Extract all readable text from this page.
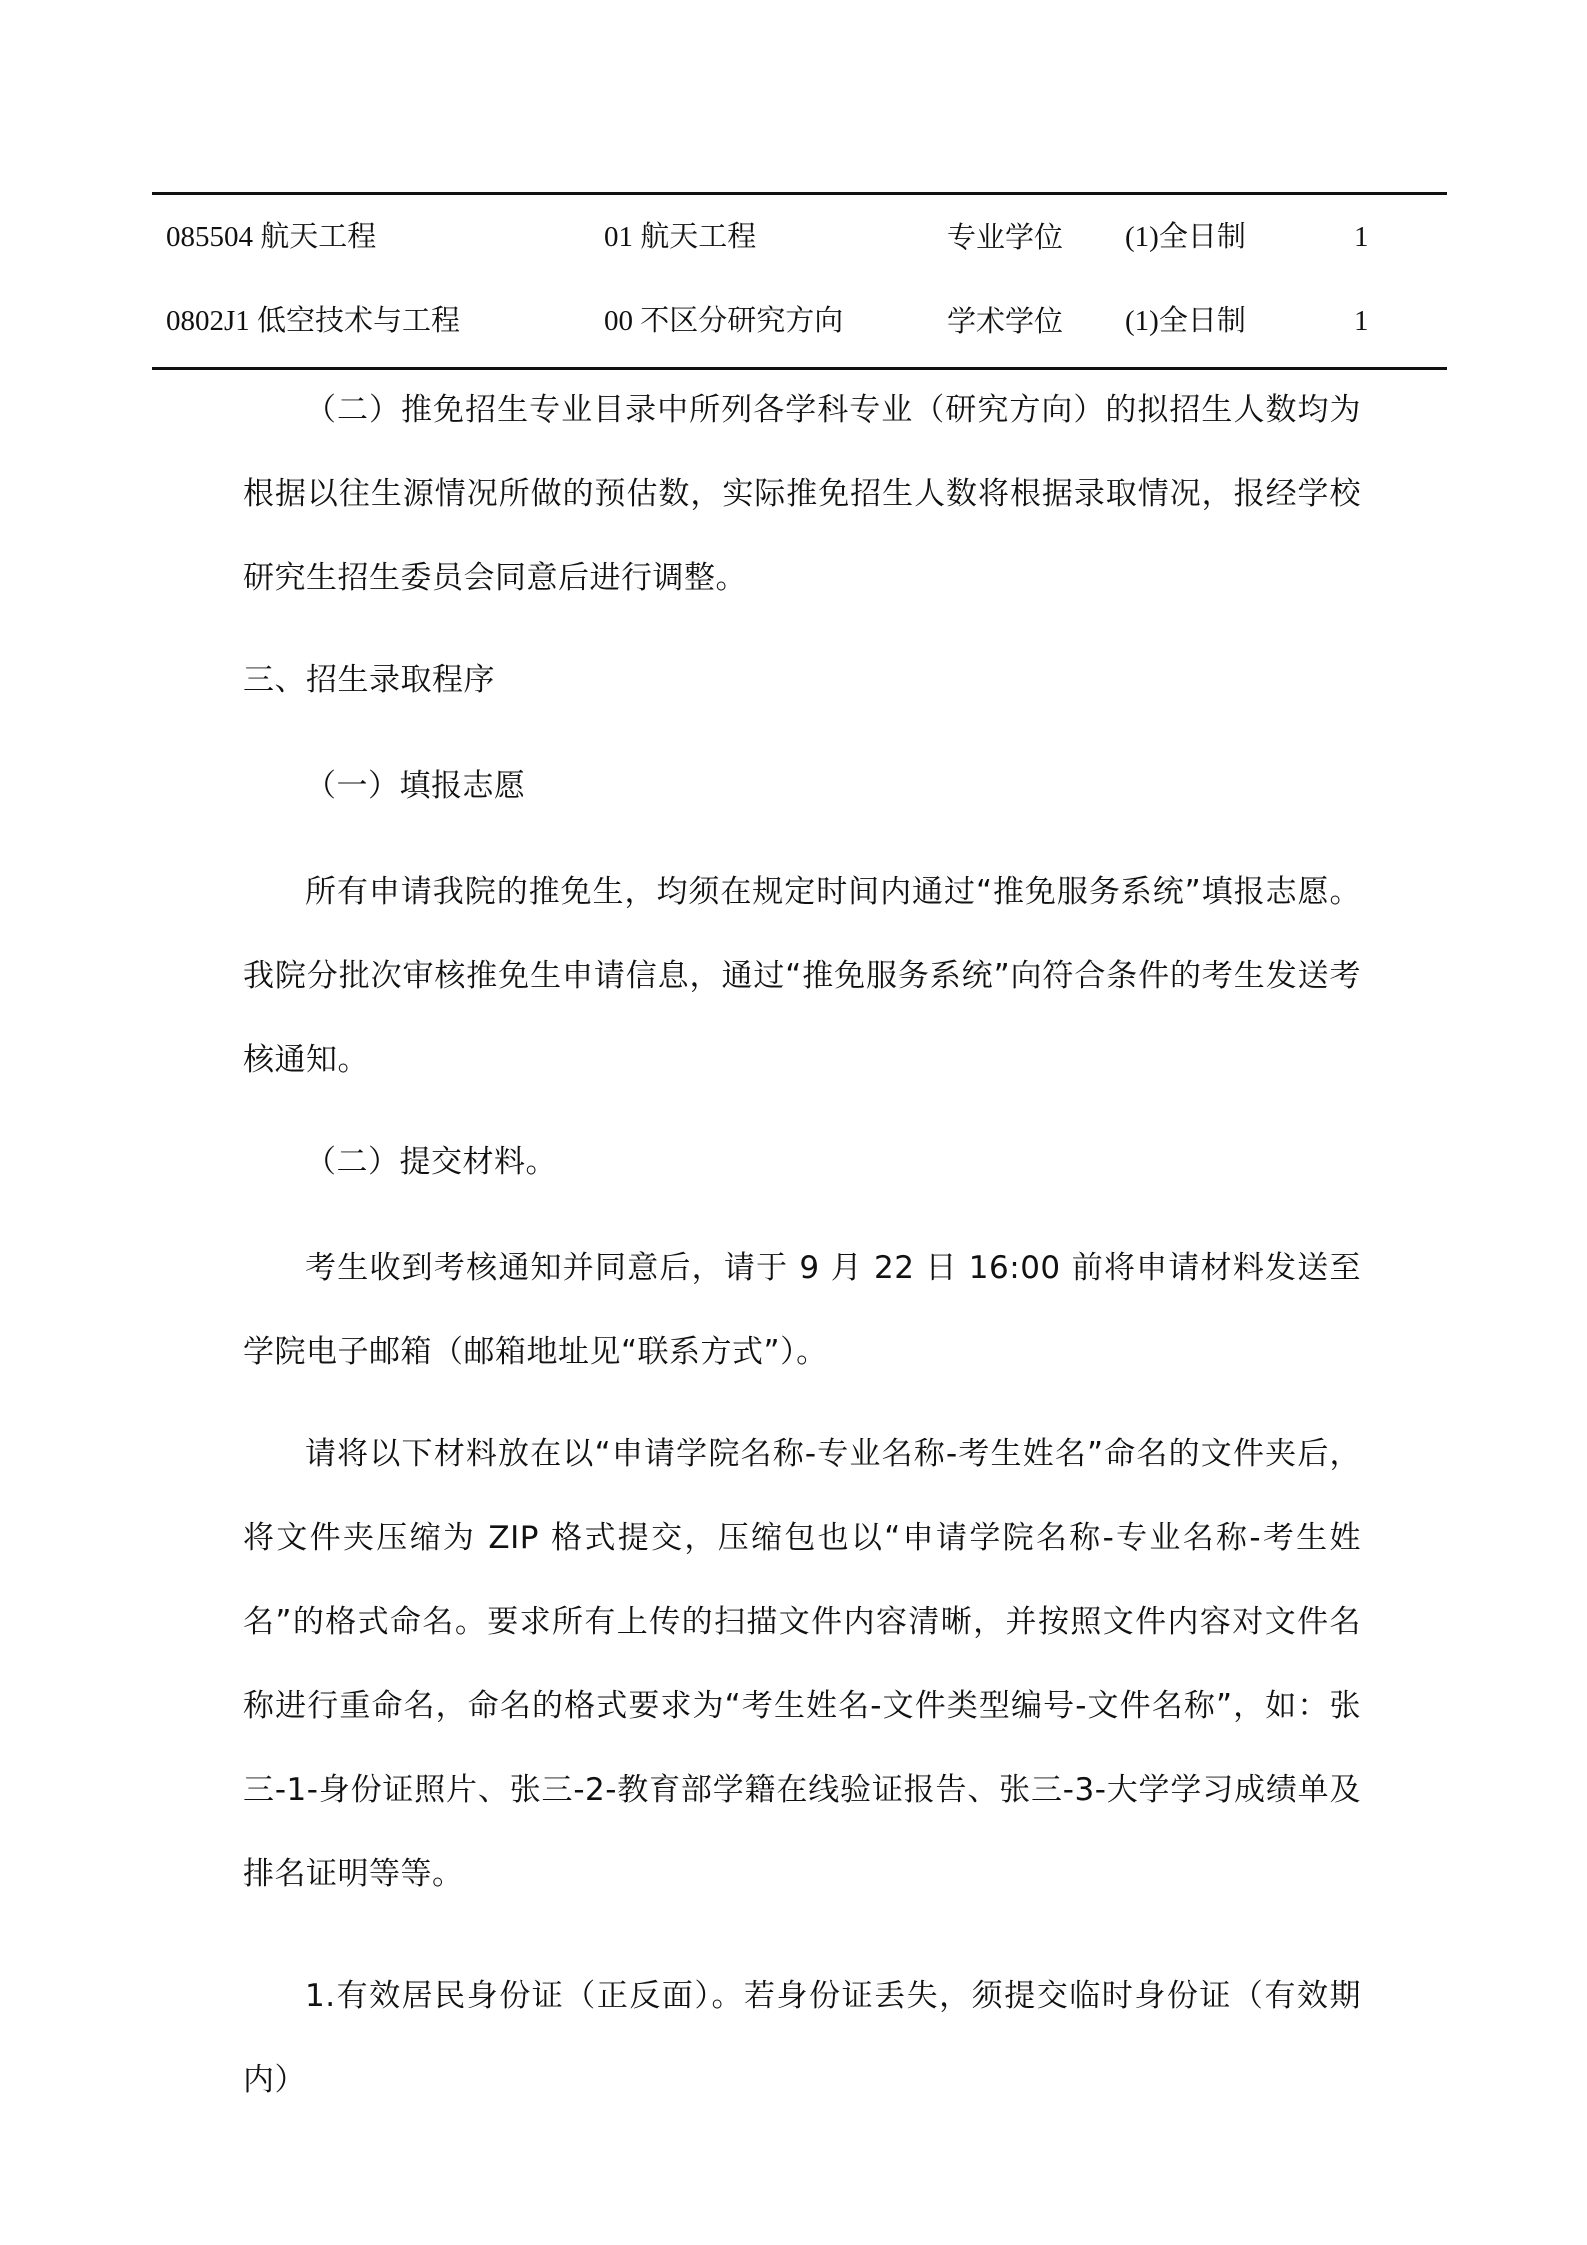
085504 航天工程	01 航天工程	专业学位 (1)全日制	1
0802J1 低空技术与工程	00 不区分研究方向	学术学位 (1)全日制	1

（二）推免招生专业目录中所列各学科专业（研究方向）的拟招生人数均为根据以往生源情况所做的预估数，实际推免招生人数将根据录取情况，报经学校研究生招生委员会同意后进行调整。

三、招生录取程序

（一）填报志愿

所有申请我院的推免生，均须在规定时间内通过“推免服务系统”填报志愿。我院分批次审核推免生申请信息，通过“推免服务系统”向符合条件的考生发送考核通知。

（二）提交材料。

考生收到考核通知并同意后，请于 9 月 22 日 16:00 前将申请材料发送至学院电子邮箱（邮箱地址见“联系方式”）。

请将以下材料放在以“申请学院名称-专业名称-考生姓名”命名的文件夹后，将文件夹压缩为 ZIP 格式提交，压缩包也以“申请学院名称-专业名称-考生姓名”的格式命名。要求所有上传的扫描文件内容清晰，并按照文件内容对文件名称进行重命名，命名的格式要求为“考生姓名-文件类型编号-文件名称”，如：张三-1-身份证照片、张三-2-教育部学籍在线验证报告、张三-3-大学学习成绩单及排名证明等等。

1.有效居民身份证（正反面）。若身份证丢失，须提交临时身份证（有效期内）
